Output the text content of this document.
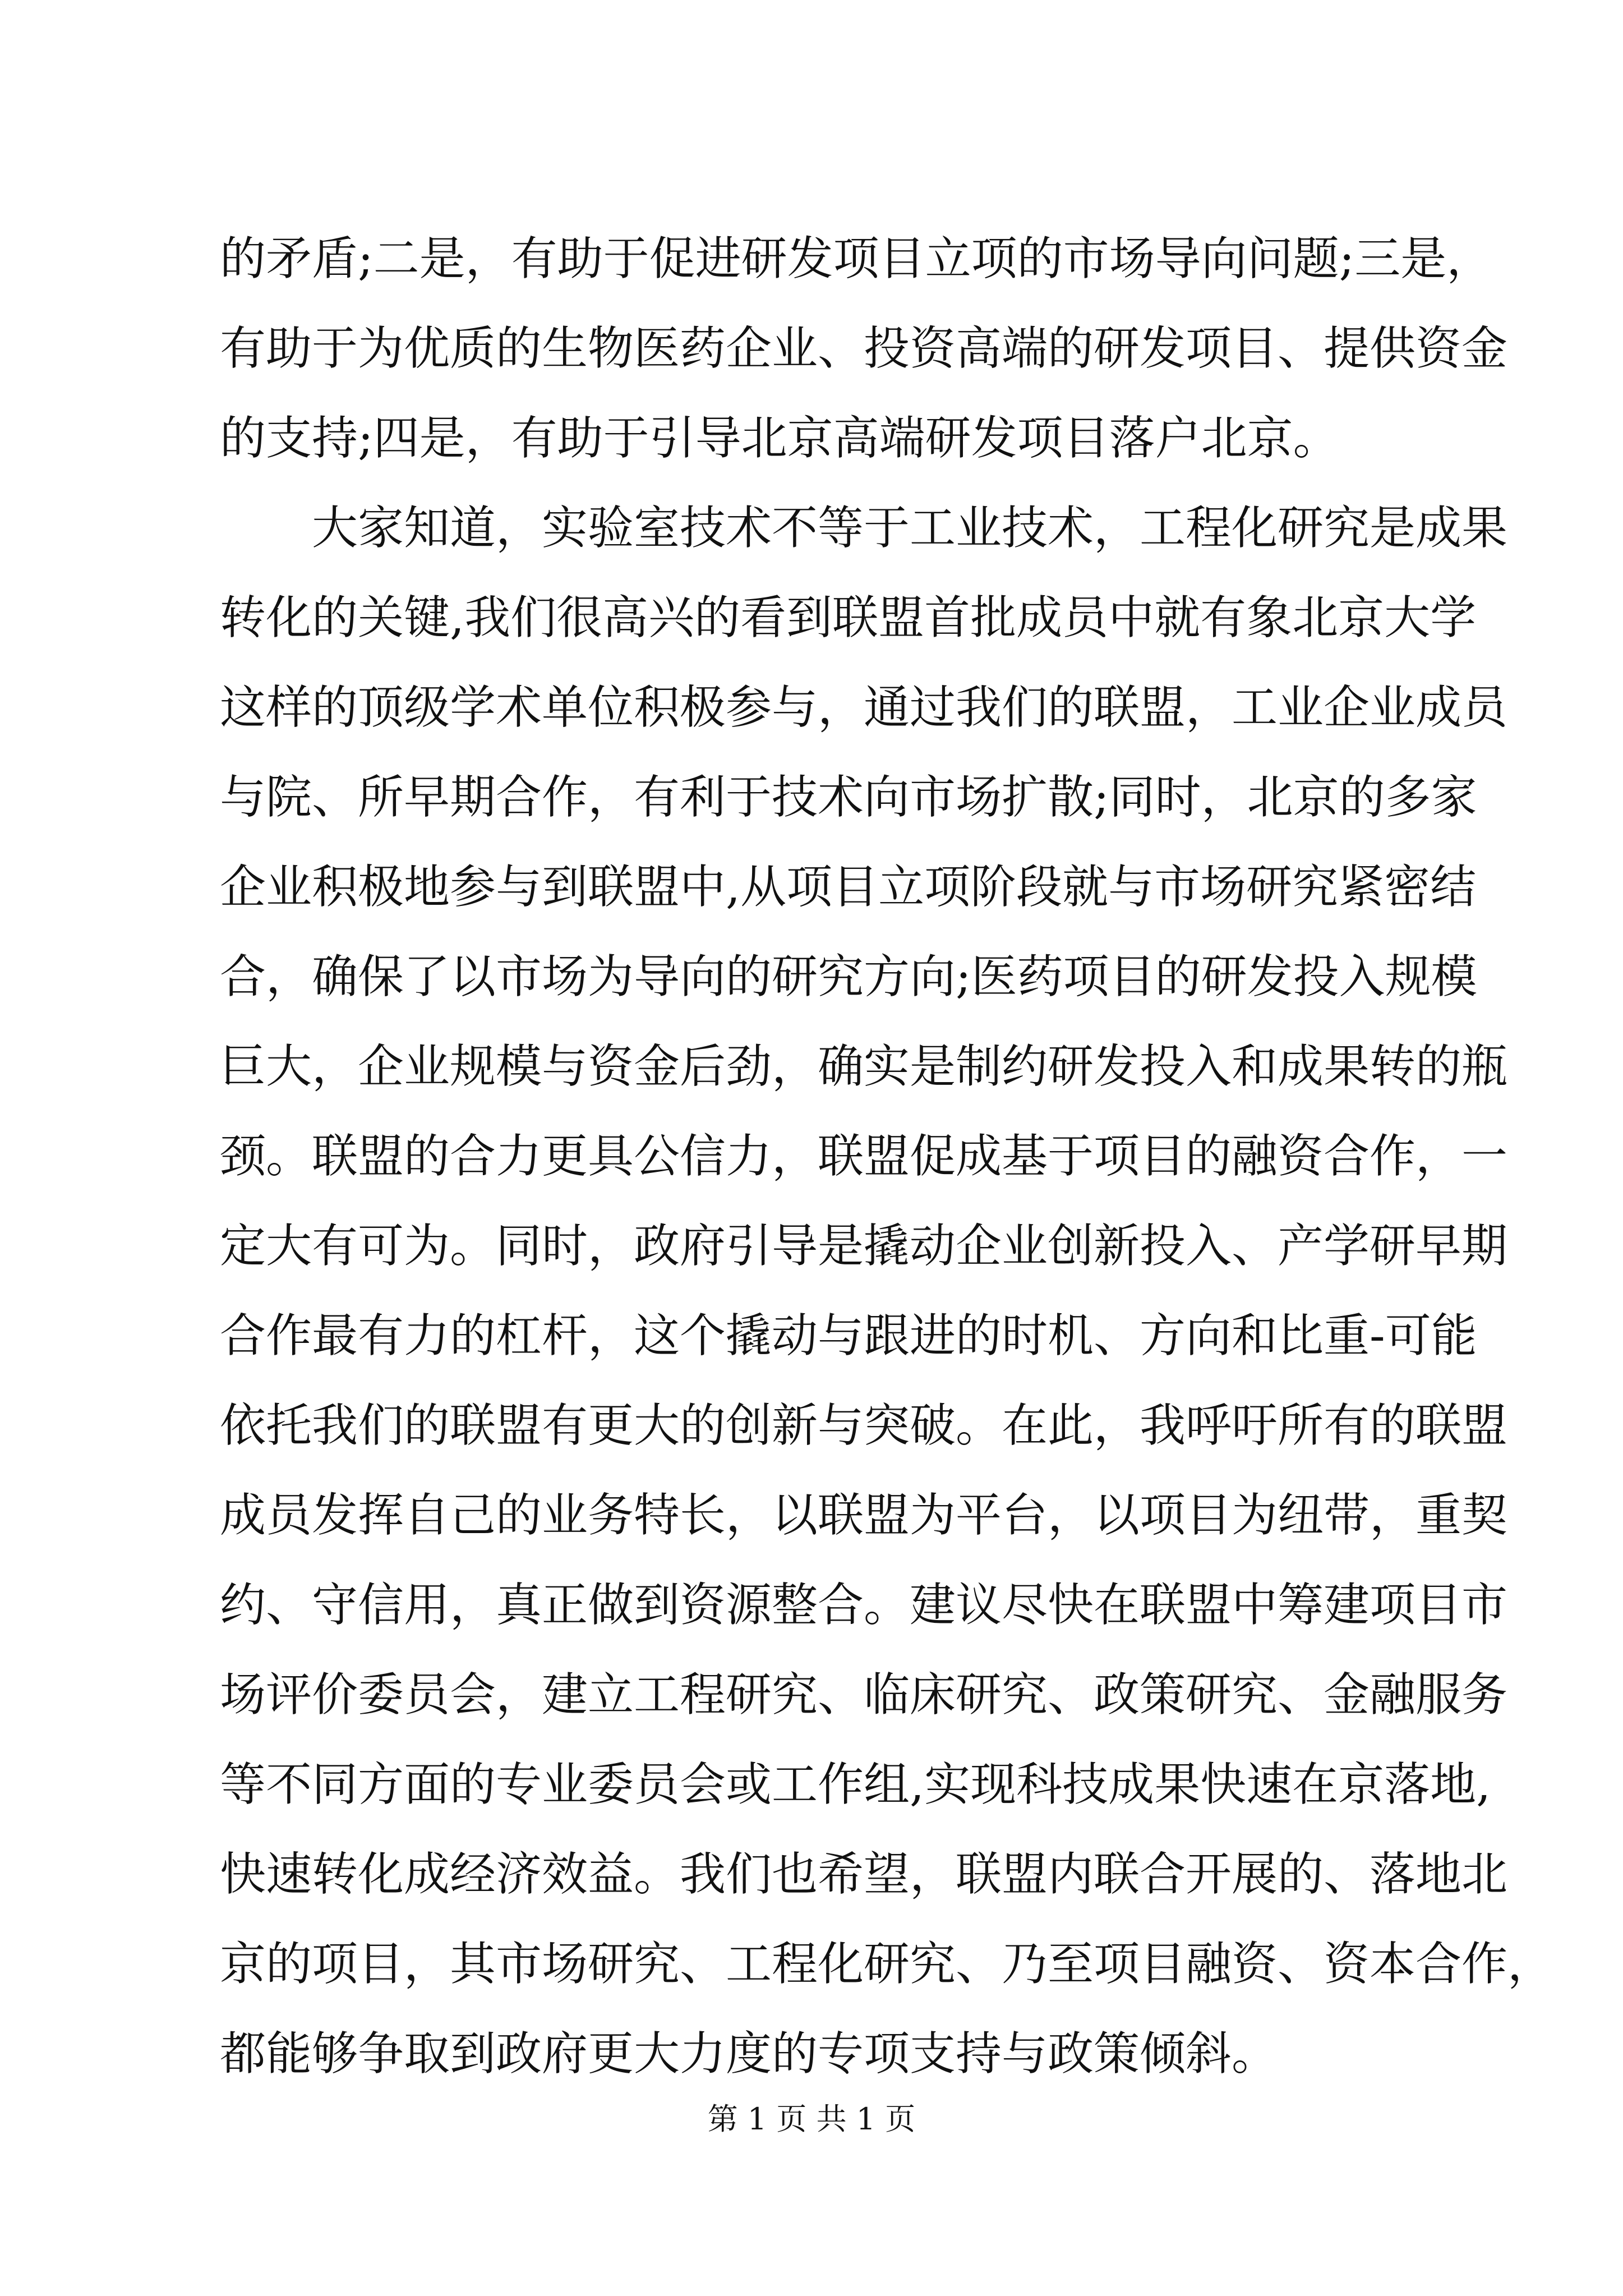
的矛盾;二是，有助于促进研发项目立项的市场导向问题;三是，
有助于为优质的生物医药企业、投资高端的研发项目、提供资金
的支持;四是，有助于引导北京高端研发项目落户北京。
大家知道，实验室技术不等于工业技术，工程化研究是成果
转化的关键,我们很高兴的看到联盟首批成员中就有象北京大学
这样的顶级学术单位积极参与，通过我们的联盟，工业企业成员
与院、所早期合作，有利于技术向市场扩散;同时，北京的多家
企业积极地参与到联盟中,从项目立项阶段就与市场研究紧密结
合，确保了以市场为导向的研究方向;医药项目的研发投入规模
巨大，企业规模与资金后劲，确实是制约研发投入和成果转的瓶
颈。联盟的合力更具公信力，联盟促成基于项目的融资合作，一
定大有可为。同时，政府引导是撬动企业创新投入、产学研早期
合作最有力的杠杆，这个撬动与跟进的时机、方向和比重-可能
依托我们的联盟有更大的创新与突破。在此，我呼吁所有的联盟
成员发挥自己的业务特长，以联盟为平台，以项目为纽带，重契
约、守信用，真正做到资源整合。建议尽快在联盟中筹建项目市
场评价委员会，建立工程研究、临床研究、政策研究、金融服务
等不同方面的专业委员会或工作组,实现科技成果快速在京落地,
快速转化成经济效益。我们也希望，联盟内联合开展的、落地北
京的项目，其市场研究、工程化研究、乃至项目融资、资本合作，
都能够争取到政府更大力度的专项支持与政策倾斜。
第 1 页 共 1 页
